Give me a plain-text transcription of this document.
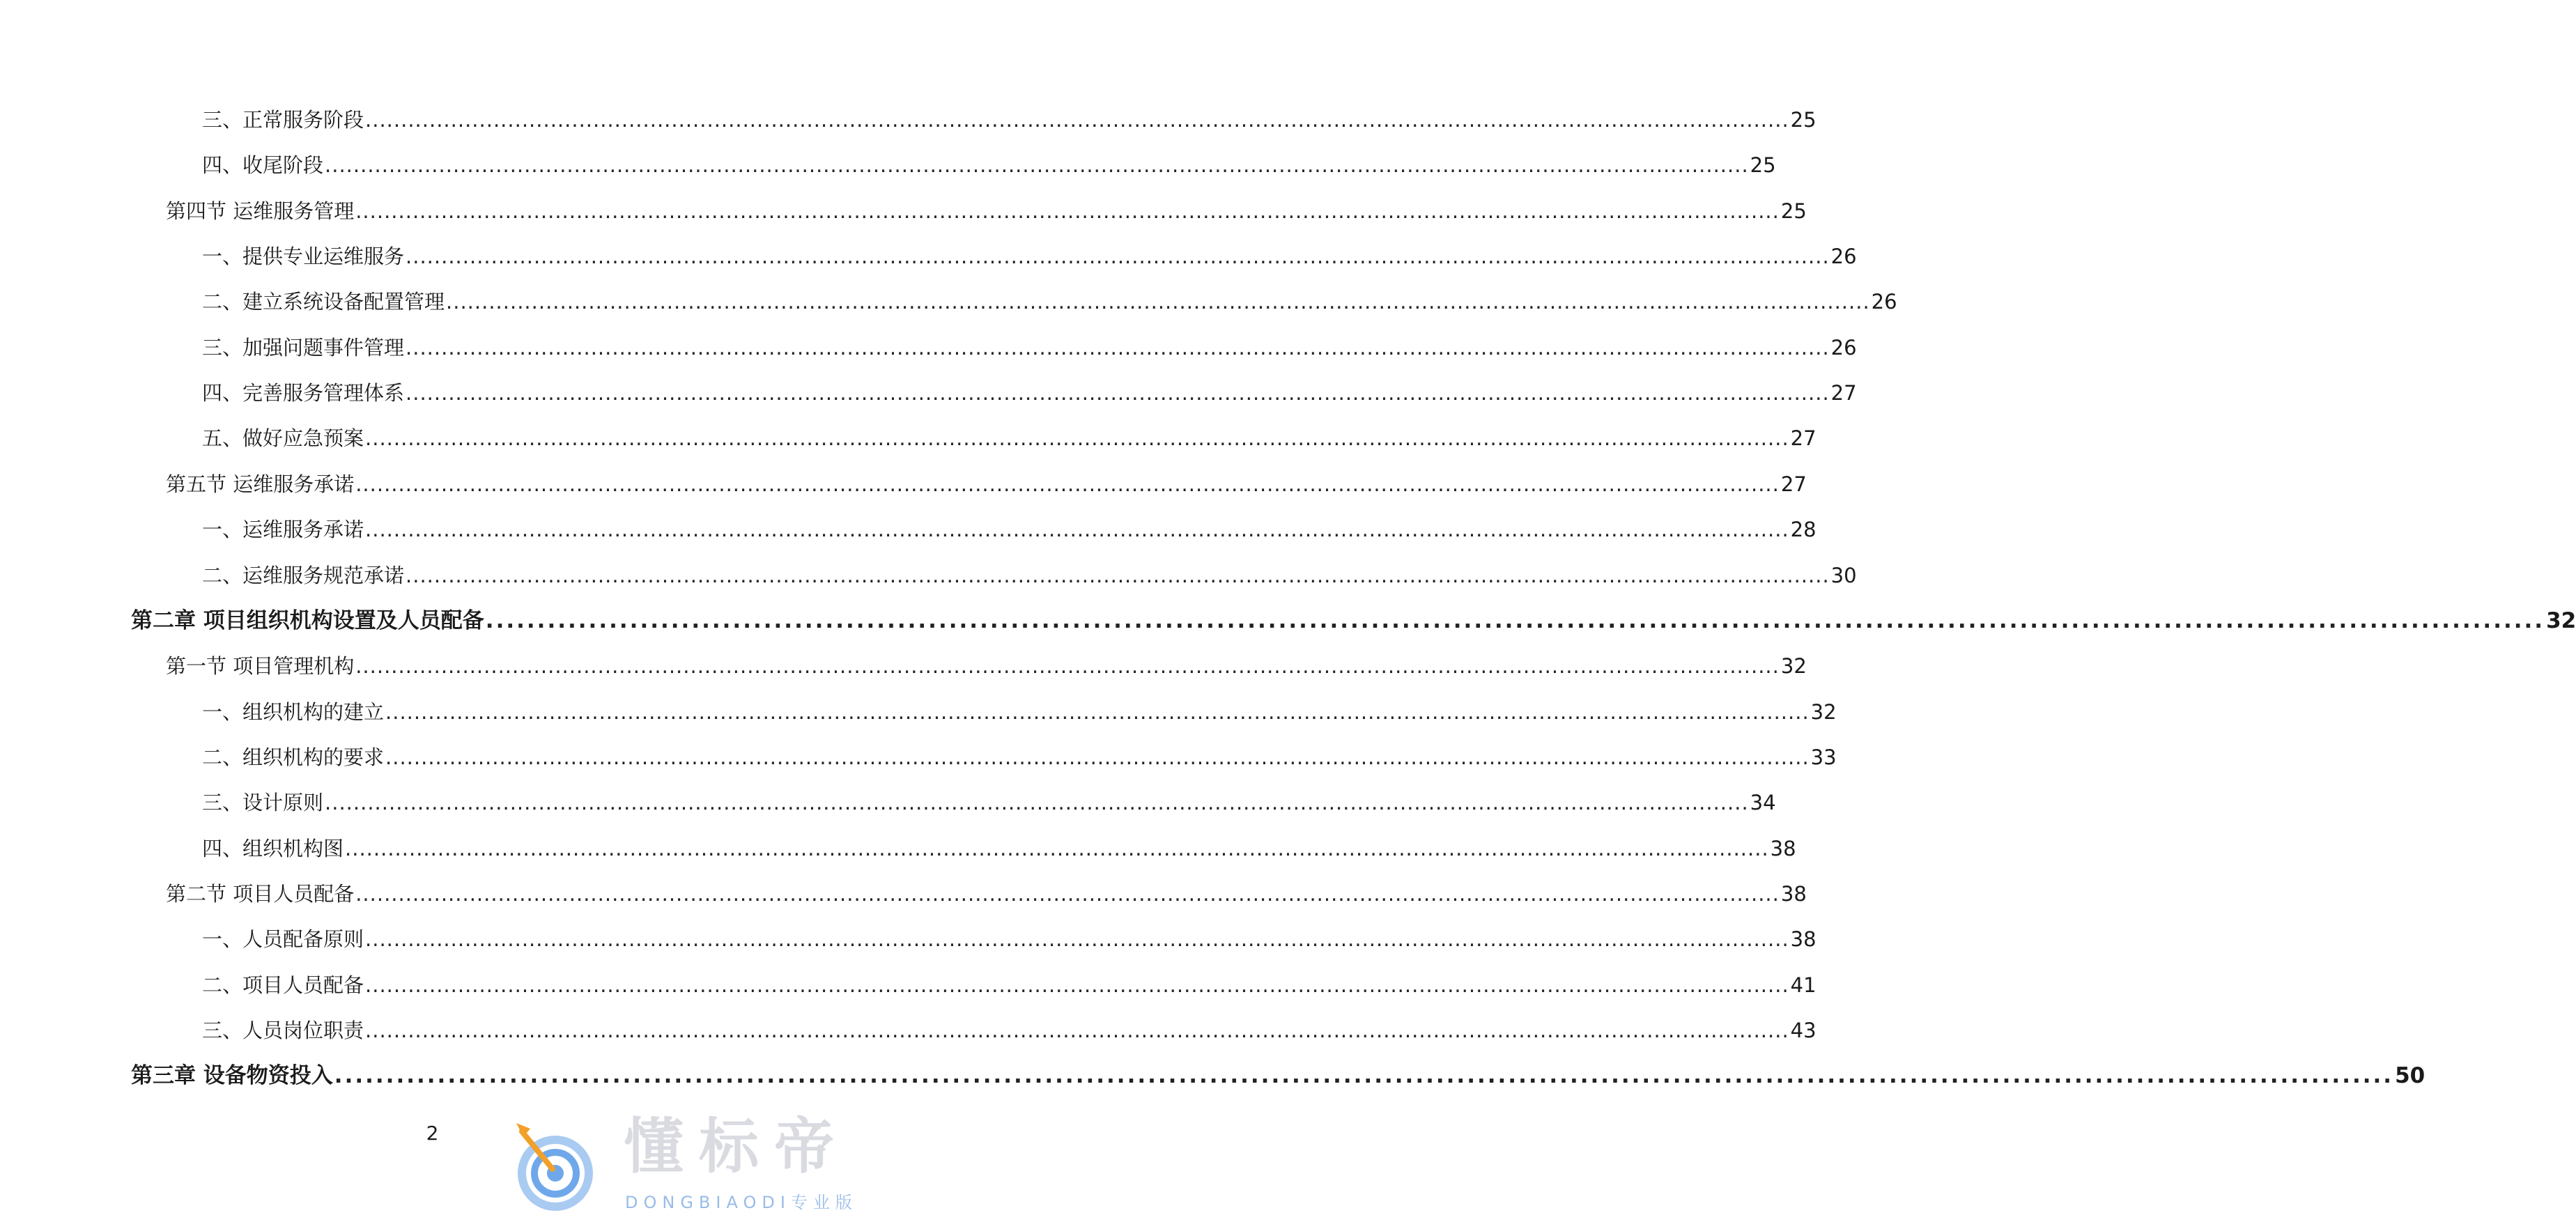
三、正常服务阶段 ........................................................................................................................................................................................................ 25
四、收尾阶段 ........................................................................................................................................................................................................ 25
第四节 运维服务管理 ........................................................................................................................................................................................................ 25
一、提供专业运维服务 ........................................................................................................................................................................................................ 26
二、建立系统设备配置管理 ........................................................................................................................................................................................................ 26
三、加强问题事件管理 ........................................................................................................................................................................................................ 26
四、完善服务管理体系 ........................................................................................................................................................................................................ 27
五、做好应急预案 ........................................................................................................................................................................................................ 27
第五节 运维服务承诺 ........................................................................................................................................................................................................ 27
一、运维服务承诺 ........................................................................................................................................................................................................ 28
二、运维服务规范承诺 ........................................................................................................................................................................................................ 30
第二章 项目组织机构设置及人员配备 ........................................................................................................................................................................................................ 32
第一节 项目管理机构 ........................................................................................................................................................................................................ 32
一、组织机构的建立 ........................................................................................................................................................................................................ 32
二、组织机构的要求 ........................................................................................................................................................................................................ 33
三、设计原则 ........................................................................................................................................................................................................ 34
四、组织机构图 ........................................................................................................................................................................................................ 38
第二节 项目人员配备 ........................................................................................................................................................................................................ 38
一、人员配备原则 ........................................................................................................................................................................................................ 38
二、项目人员配备 ........................................................................................................................................................................................................ 41
三、人员岗位职责 ........................................................................................................................................................................................................ 43
第三章 设备物资投入 ........................................................................................................................................................................................................ 50
2	懂标帝
DONGBIAODI专业版
